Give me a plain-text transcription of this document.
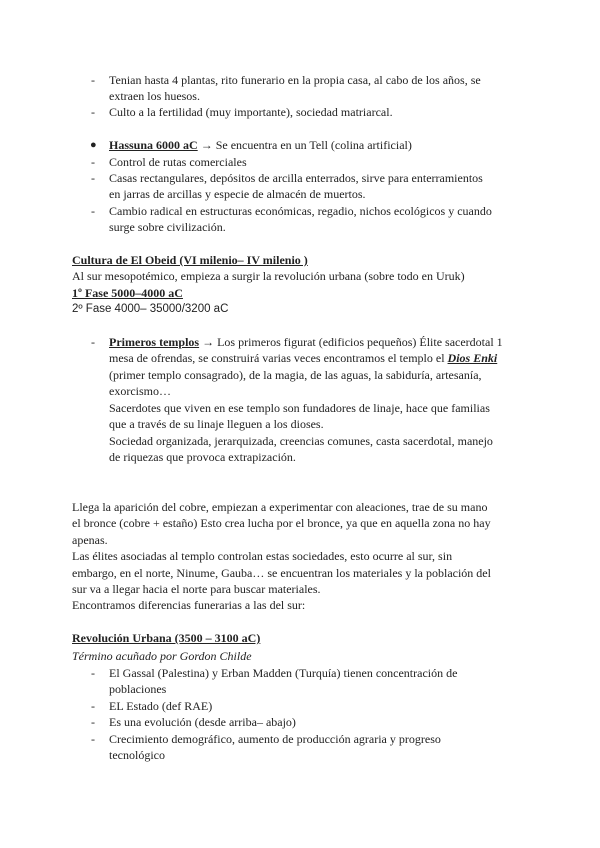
- Tenian hasta 4 plantas, rito funerario en la propia casa, al cabo de los años, se
extraen los huesos.
- Culto a la fertilidad (muy importante), sociedad matriarcal.
● Hassuna 6000 aC → Se encuentra en un Tell (colina artificial)
- Control de rutas comerciales
- Casas rectangulares, depósitos de arcilla enterrados, sirve para enterramientos
en jarras de arcillas y especie de almacén de muertos.
- Cambio radical en estructuras económicas, regadio, nichos ecológicos y cuando
surge sobre civilización.
Cultura de El Obeid (VI milenio– IV milenio )
Al sur mesopotémico, empieza a surgir la revolución urbana (sobre todo en Uruk)
1º Fase 5000–4000 aC
2º Fase 4000– 35000/3200 aC
- Primeros templos → Los primeros figurat (edificios pequeños) Élite sacerdotal 1
mesa de ofrendas, se construirá varias veces encontramos el templo el Dios Enki
(primer templo consagrado), de la magia, de las aguas, la sabiduría, artesanía,
exorcismo…
Sacerdotes que viven en ese templo son fundadores de linaje, hace que familias
que a través de su linaje lleguen a los dioses.
Sociedad organizada, jerarquizada, creencias comunes, casta sacerdotal, manejo
de riquezas que provoca extrapización.
Llega la aparición del cobre, empiezan a experimentar con aleaciones, trae de su mano
el bronce (cobre + estaño) Esto crea lucha por el bronce, ya que en aquella zona no hay
apenas.
Las élites asociadas al templo controlan estas sociedades, esto ocurre al sur, sin
embargo, en el norte, Ninume, Gauba… se encuentran los materiales y la población del
sur va a llegar hacia el norte para buscar materiales.
Encontramos diferencias funerarias a las del sur:
Revolución Urbana (3500 – 3100 aC)
Término acuñado por Gordon Childe
- El Gassal (Palestina) y Erban Madden (Turquía) tienen concentración de
poblaciones
- EL Estado (def RAE)
- Es una evolución (desde arriba– abajo)
- Crecimiento demográfico, aumento de producción agraria y progreso
tecnológico
